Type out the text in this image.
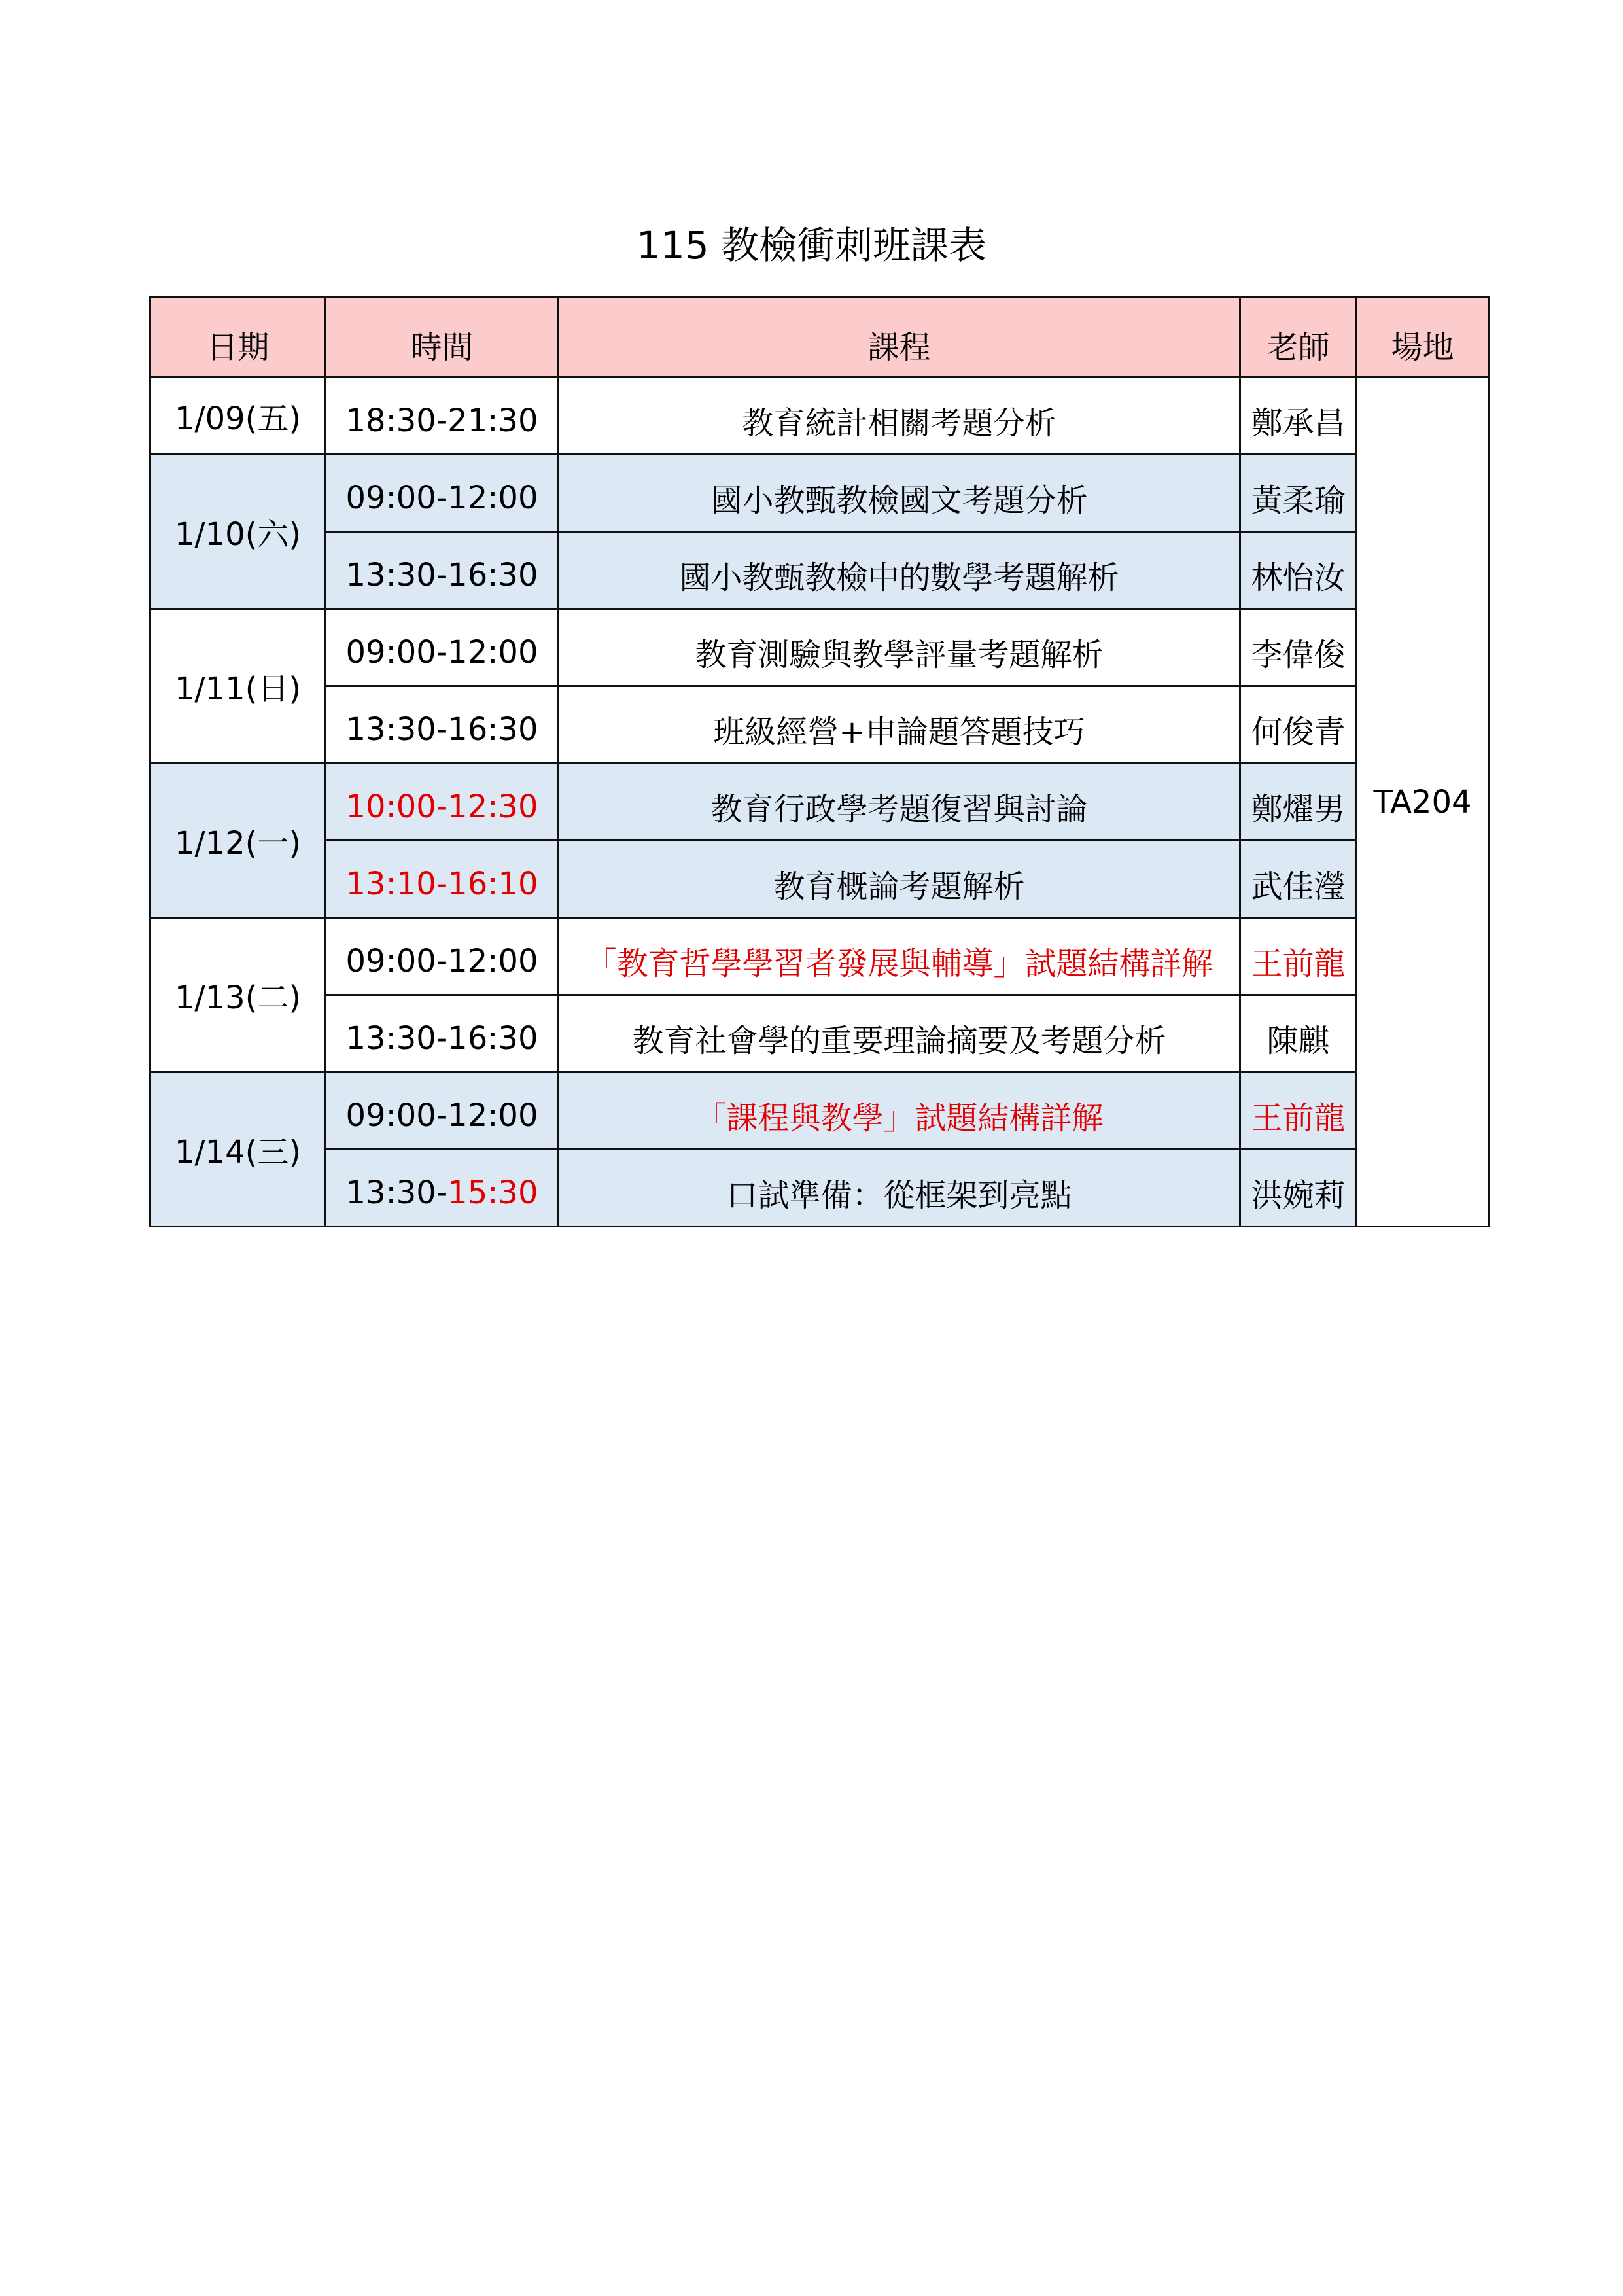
115 教檢衝刺班課表
日期	時間	課程	老師	場地
1/09(五)	18:30-21:30	教育統計相關考題分析	鄭承昌	TA204
1/10(六)	09:00-12:00	國小教甄教檢國文考題分析	黃柔瑜	
	13:30-16:30	國小教甄教檢中的數學考題解析	林怡汝	
1/11(日)	09:00-12:00	教育測驗與教學評量考題解析	李偉俊	
	13:30-16:30	班級經營+申論題答題技巧	何俊青	
1/12(一)	10:00-12:30	教育行政學考題復習與討論	鄭燿男	
	13:10-16:10	教育概論考題解析	武佳瀅	
1/13(二)	09:00-12:00	「教育哲學學習者發展與輔導」試題結構詳解	王前龍	
	13:30-16:30	教育社會學的重要理論摘要及考題分析	陳麒	
1/14(三)	09:00-12:00	「課程與教學」試題結構詳解	王前龍	
	13:30-15:30	口試準備：從框架到亮點	洪婉莉	
